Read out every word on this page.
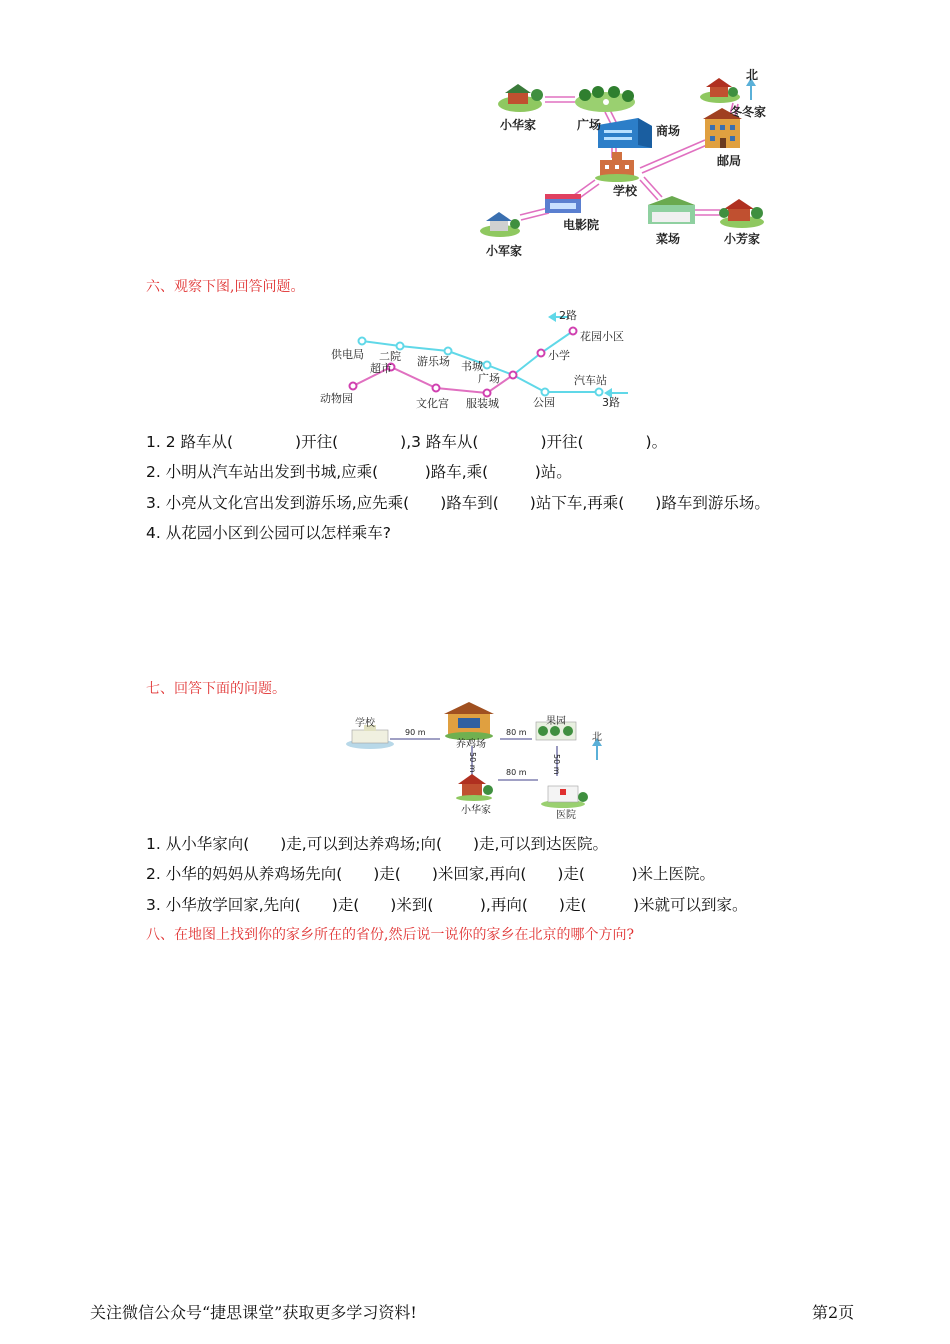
北
小华家	广场	商场
冬冬家
邮局
学校
电影院
小军家
菜场	小芳家
六、观察下图,回答问题。
2路
花园小区
供电局 二院
超市
游乐场 书城
广场
小学
汽车站
动物园	文化宫 服装城	公园	3路
1. 2 路车从(　　　　)开往(　　　　),3 路车从(　　　　)开往(　　　　)。
2. 小明从汽车站出发到书城,应乘(　　　)路车,乘(　　　)站。
3. 小亮从文化宫出发到游乐场,应先乘(　　)路车到(　　)站下车,再乘(　　)路车到游乐场。
4. 从花园小区到公园可以怎样乘车?
七、回答下面的问题。
学校
养鸡场
果园
小华家	医院
北
90 m	80 m
80 m
50 m	50 m
1. 从小华家向(　　)走,可以到达养鸡场;向(　　)走,可以到达医院。
2. 小华的妈妈从养鸡场先向(　　)走(　　)米回家,再向(　　)走(　　　)米上医院。
3. 小华放学回家,先向(　　)走(　　)米到(　　　),再向(　　)走(　　　)米就可以到家。
八、在地图上找到你的家乡所在的省份,然后说一说你的家乡在北京的哪个方向?
关注微信公众号“捷思课堂”获取更多学习资料!	第2页
